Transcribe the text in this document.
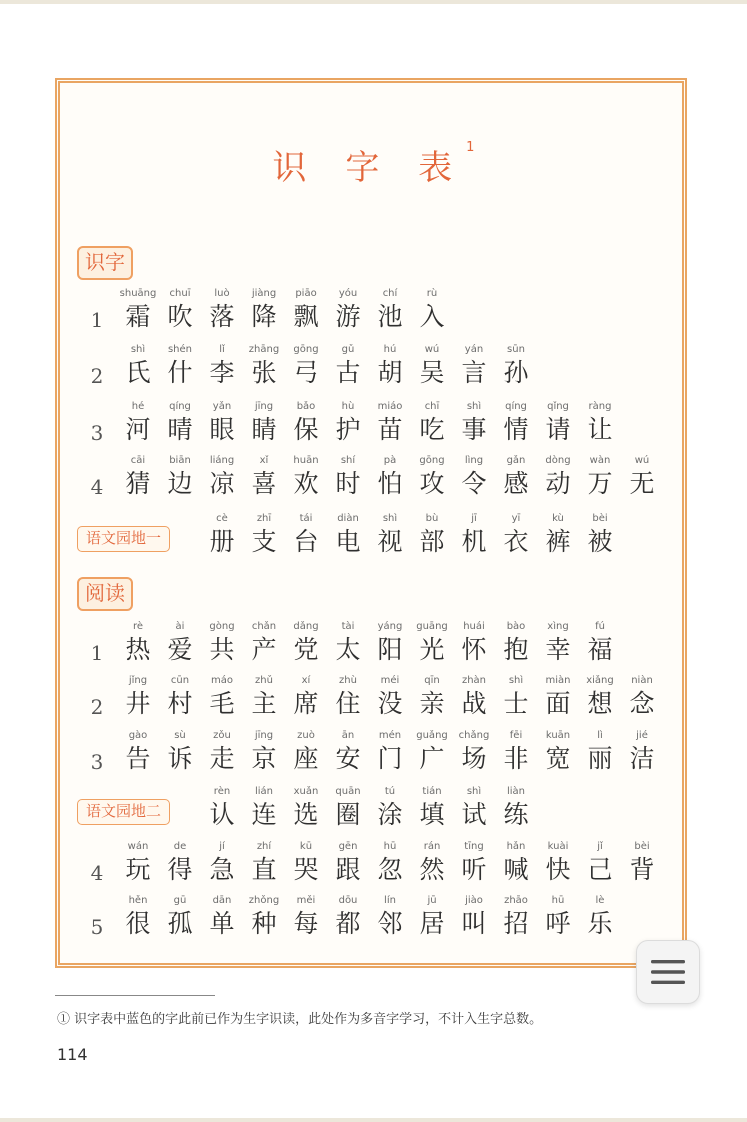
识 字 表$^1$
识字
阅读
1
shuāng
霜
chuī
吹
luò
落
jiàng
降
piāo
飘
yóu
游
chí
池
rù
入
2
shì
氏
shén
什
lǐ
李
zhāng
张
gōng
弓
gǔ
古
hú
胡
wú
吴
yán
言
sūn
孙
3
hé
河
qíng
晴
yǎn
眼
jīng
睛
bǎo
保
hù
护
miáo
苗
chī
吃
shì
事
qíng
情
qǐng
请
ràng
让
4
cāi
猜
biān
边
liáng
凉
xǐ
喜
huān
欢
shí
时
pà
怕
gōng
攻
lìng
令
gǎn
感
dòng
动
wàn
万
wú
无
语文园地一
cè
册
zhī
支
tái
台
diàn
电
shì
视
bù
部
jī
机
yī
衣
kù
裤
bèi
被
1
rè
热
ài
爱
gòng
共
chǎn
产
dǎng
党
tài
太
yáng
阳
guāng
光
huái
怀
bào
抱
xìng
幸
fú
福
2
jǐng
井
cūn
村
máo
毛
zhǔ
主
xí
席
zhù
住
méi
没
qīn
亲
zhàn
战
shì
士
miàn
面
xiǎng
想
niàn
念
3
gào
告
sù
诉
zǒu
走
jīng
京
zuò
座
ān
安
mén
门
guǎng
广
chǎng
场
fēi
非
kuān
宽
lì
丽
jié
洁
语文园地二
rèn
认
lián
连
xuǎn
选
quān
圈
tú
涂
tián
填
shì
试
liàn
练
4
wán
玩
de
得
jí
急
zhí
直
kū
哭
gēn
跟
hū
忽
rán
然
tīng
听
hǎn
喊
kuài
快
jǐ
己
bèi
背
5
hěn
很
gū
孤
dān
单
zhǒng
种
měi
每
dōu
都
lín
邻
jū
居
jiào
叫
zhāo
招
hū
呼
lè
乐
① 识字表中蓝色的字此前已作为生字识读，此处作为多音字学习，不计入生字总数。
114
